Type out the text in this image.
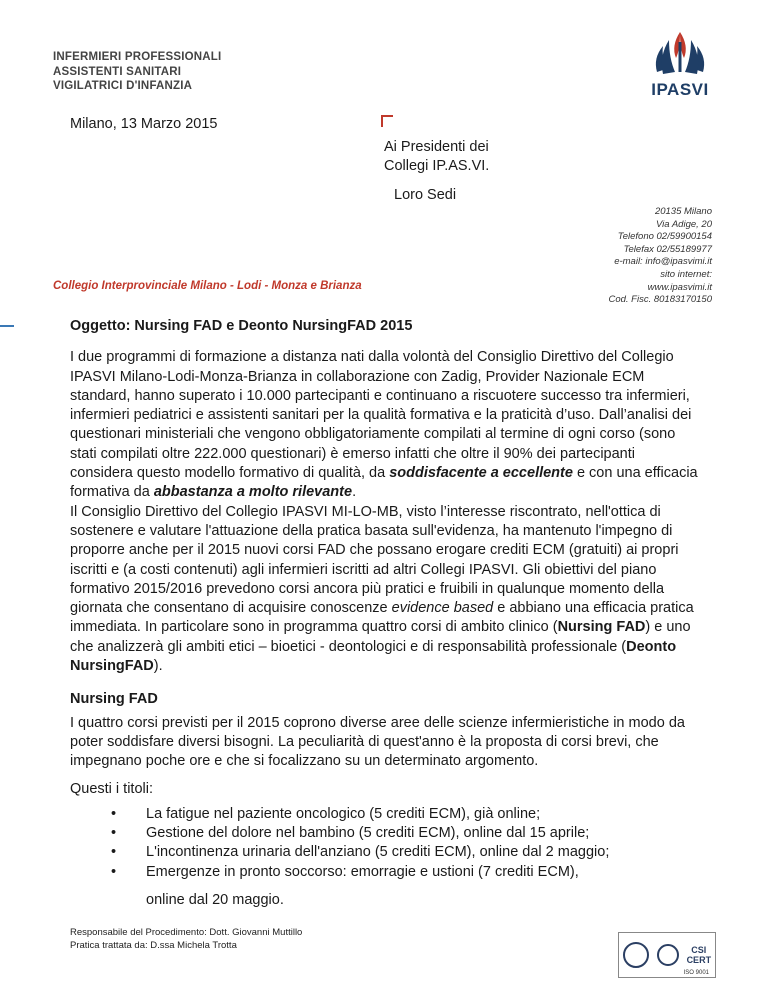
INFERMIERI PROFESSIONALI
ASSISTENTI SANITARI
VIGILATRICI D'INFANZIA	IPASVI
Milano, 13 Marzo 2015
Ai Presidenti dei
Collegi IP.AS.VI.
Loro Sedi
20135 Milano
Via Adige, 20
Telefono 02/59900154
Telefax 02/55189977
e-mail: info@ipasvimi.it
sito internet:
www.ipasvimi.it
Cod. Fisc. 80183170150
Collegio Interprovinciale Milano - Lodi - Monza e Brianza

Oggetto: Nursing FAD e Deonto NursingFAD 2015

I due programmi di formazione a distanza nati dalla volontà del Consiglio Direttivo del Collegio IPASVI Milano-Lodi-Monza-Brianza in collaborazione con Zadig, Provider Nazionale ECM standard, hanno superato i 10.000 partecipanti e continuano a riscuotere successo tra infermieri, infermieri pediatrici e assistenti sanitari per la qualità formativa e la praticità d’uso. Dall’analisi dei questionari ministeriali che vengono obbligatoriamente compilati al termine di ogni corso (sono stati compilati oltre 222.000 questionari) è emerso infatti che oltre il 90% dei partecipanti considera questo modello formativo di qualità, da soddisfacente a eccellente e con una efficacia formativa da abbastanza a molto rilevante.

Il Consiglio Direttivo del Collegio IPASVI MI-LO-MB, visto l’interesse riscontrato, nell'ottica di sostenere e valutare l'attuazione della pratica basata sull'evidenza, ha mantenuto l'impegno di proporre anche per il 2015 nuovi corsi FAD che possano erogare crediti ECM (gratuiti) ai propri iscritti e (a costi contenuti) agli infermieri iscritti ad altri Collegi IPASVI. Gli obiettivi del piano formativo 2015/2016 prevedono corsi ancora più pratici e fruibili in qualunque momento della giornata che consentano di acquisire conoscenze evidence based e abbiano una efficacia pratica immediata. In particolare sono in programma quattro corsi di ambito clinico (Nursing FAD) e uno che analizzerà gli ambiti etici – bioetici - deontologici e di responsabilità professionale (Deonto NursingFAD).

Nursing FAD

I quattro corsi previsti per il 2015 coprono diverse aree delle scienze infermieristiche in modo da poter soddisfare diversi bisogni. La peculiarità di quest'anno è la proposta di corsi brevi, che impegnano poche ore e che si focalizzano su un determinato argomento.

Questi i titoli:

• La fatigue nel paziente oncologico (5 crediti ECM), già online;
• Gestione del dolore nel bambino (5 crediti ECM), online dal 15 aprile;
• L'incontinenza urinaria dell'anziano (5 crediti ECM), online dal 2 maggio;
• Emergenze in pronto soccorso: emorragie e ustioni (7 crediti ECM),

online dal 20 maggio.

Responsabile del Procedimento: Dott. Giovanni Muttillo
Pratica trattata da: D.ssa Michela Trotta	CSI
CERT
ISO 9001
